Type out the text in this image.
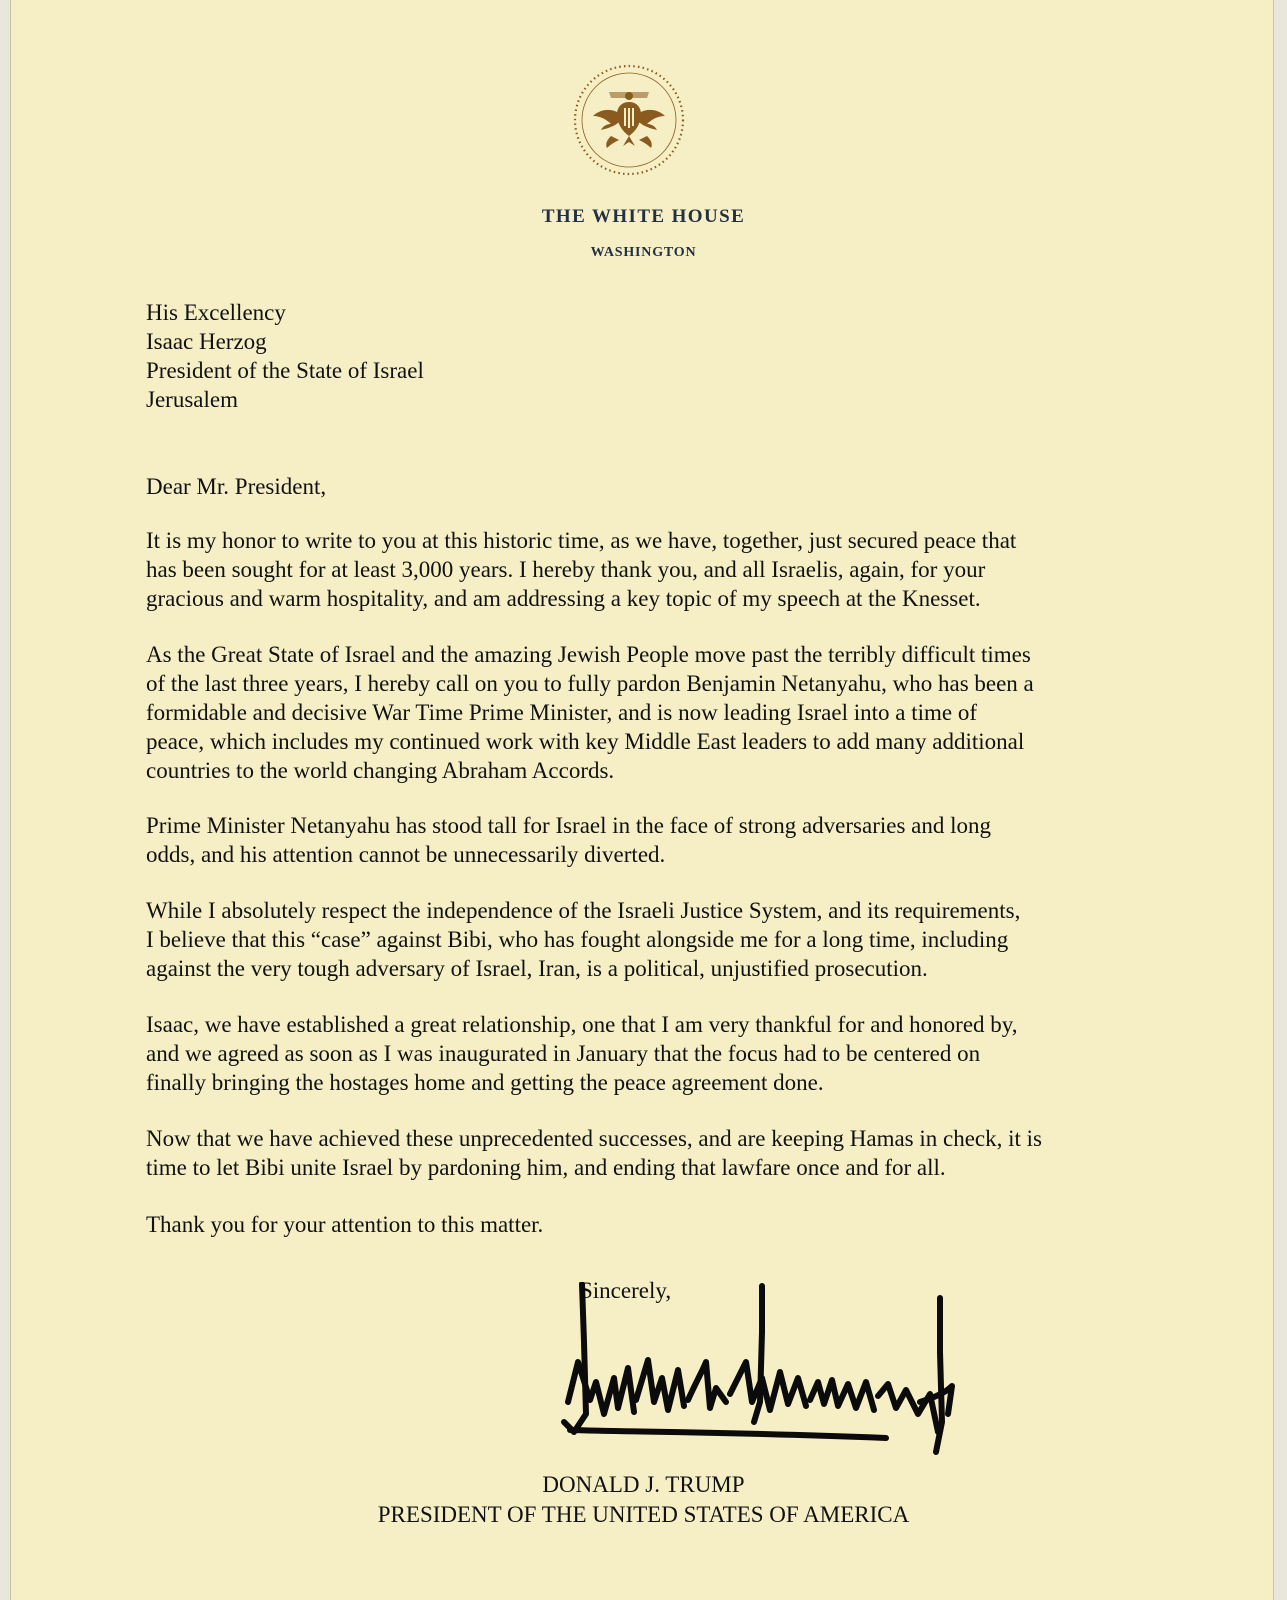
THE WHITE HOUSE
WASHINGTON
His Excellency
Isaac Herzog
President of the State of Israel
Jerusalem
Dear Mr. President,
It is my honor to write to you at this historic time, as we have, together, just secured peace that
has been sought for at least 3,000 years. I hereby thank you, and all Israelis, again, for your
gracious and warm hospitality, and am addressing a key topic of my speech at the Knesset.
As the Great State of Israel and the amazing Jewish People move past the terribly difficult times
of the last three years, I hereby call on you to fully pardon Benjamin Netanyahu, who has been a
formidable and decisive War Time Prime Minister, and is now leading Israel into a time of
peace, which includes my continued work with key Middle East leaders to add many additional
countries to the world changing Abraham Accords.
Prime Minister Netanyahu has stood tall for Israel in the face of strong adversaries and long
odds, and his attention cannot be unnecessarily diverted.
While I absolutely respect the independence of the Israeli Justice System, and its requirements,
I believe that this “case” against Bibi, who has fought alongside me for a long time, including
against the very tough adversary of Israel, Iran, is a political, unjustified prosecution.
Isaac, we have established a great relationship, one that I am very thankful for and honored by,
and we agreed as soon as I was inaugurated in January that the focus had to be centered on
finally bringing the hostages home and getting the peace agreement done.
Now that we have achieved these unprecedented successes, and are keeping Hamas in check, it is
time to let Bibi unite Israel by pardoning him, and ending that lawfare once and for all.
Thank you for your attention to this matter.
Sincerely,
DONALD J. TRUMP
PRESIDENT OF THE UNITED STATES OF AMERICA
